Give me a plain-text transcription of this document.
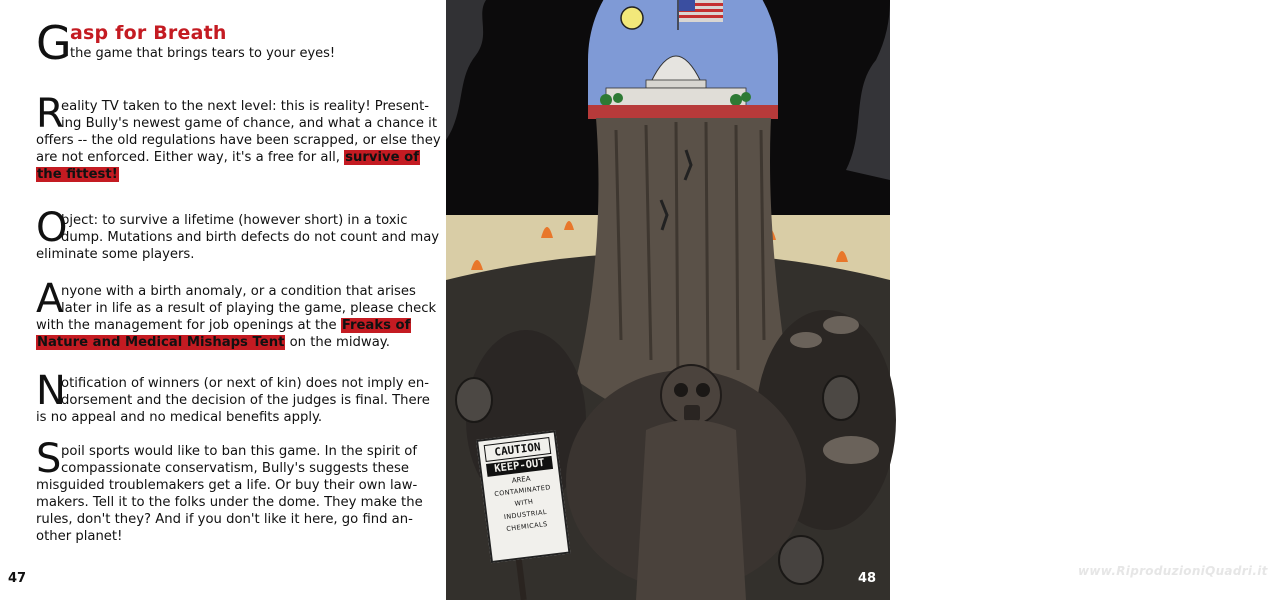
G
asp for Breath
the game that brings tears to your eyes!
R
eality TV taken to the next level: this is reality! Present-
ing Bully's newest game of chance, and what a chance it
offers -- the old regulations have been scrapped, or else they
are not enforced. Either way, it's a free for all, survive of
the fittest!
O
bject: to survive a lifetime (however short) in a toxic
dump. Mutations and birth defects do not count and may
eliminate some players.
A
nyone with a birth anomaly, or a condition that arises
later in life as a result of playing the game, please check
with the management for job openings at the Freaks of
Nature and Medical Mishaps Tent on the midway.
N
otification of winners (or next of kin) does not imply en-
dorsement and the decision of the judges is final. There
is no appeal and no medical benefits apply.
S poil sports would like to ban this game. In the spirit of
compassionate conservatism, Bully's suggests these
misguided troublemakers get a life. Or buy their own law-
makers. Tell it to the folks under the dome. They make the
rules, don't they? And if you don't like it here, go find an-
other planet!
47	www.RiproduzioniQuadri.it
CAUTION
KEEP-OUT
AREA
CONTAMINATED
WITH
INDUSTRIAL
CHEMICALS
48
